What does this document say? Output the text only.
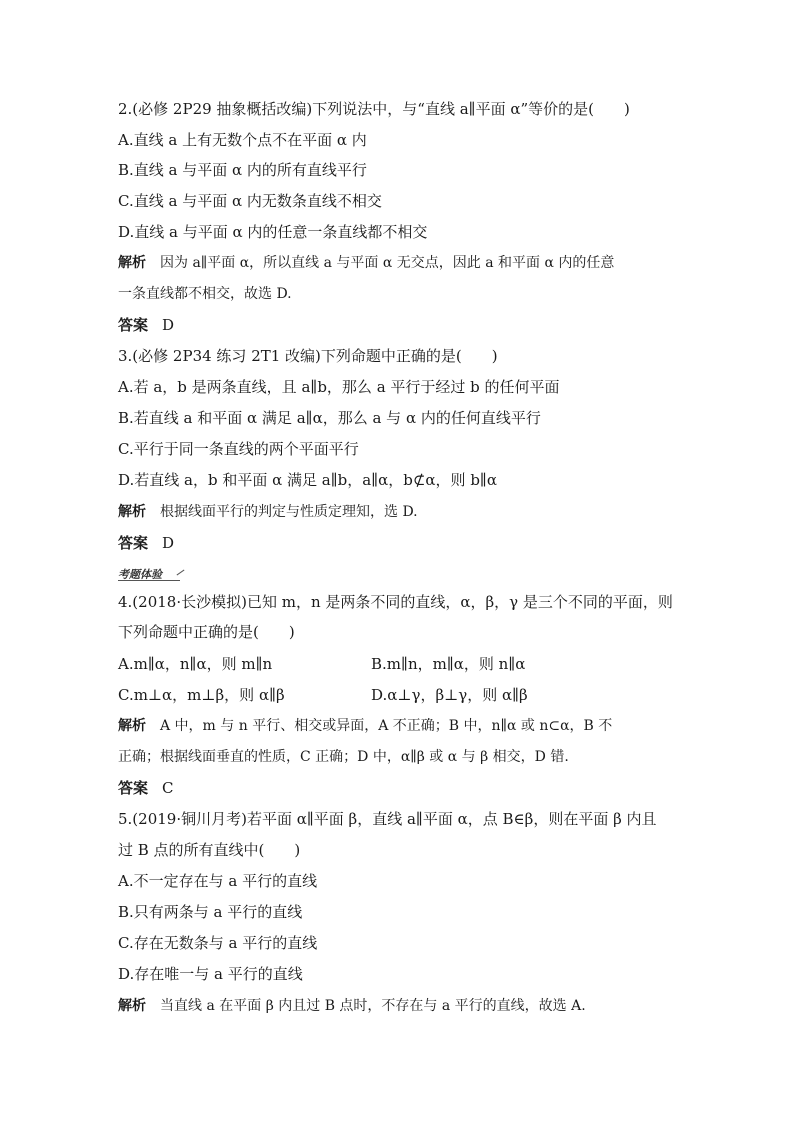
2.(必修 2P29 抽象概括改编)下列说法中，与“直线 a∥平面 α”等价的是(　　)
A.直线 a 上有无数个点不在平面 α 内
B.直线 a 与平面 α 内的所有直线平行
C.直线 a 与平面 α 内无数条直线不相交
D.直线 a 与平面 α 内的任意一条直线都不相交
解析 因为 a∥平面 α，所以直线 a 与平面 α 无交点，因此 a 和平面 α 内的任意
一条直线都不相交，故选 D.
答案 D
3.(必修 2P34 练习 2T1 改编)下列命题中正确的是(　　)
A.若 a，b 是两条直线，且 a∥b，那么 a 平行于经过 b 的任何平面
B.若直线 a 和平面 α 满足 a∥α，那么 a 与 α 内的任何直线平行
C.平行于同一条直线的两个平面平行
D.若直线 a，b 和平面 α 满足 a∥b，a∥α，b⊄α，则 b∥α
解析 根据线面平行的判定与性质定理知，选 D.
答案 D
考题体验
4.(2018·长沙模拟)已知 m，n 是两条不同的直线，α，β，γ 是三个不同的平面，则
下列命题中正确的是(　　)
A.m∥α，n∥α，则 m∥n	B.m∥n，m∥α，则 n∥α
C.m⊥α，m⊥β，则 α∥β	D.α⊥γ，β⊥γ，则 α∥β
解析 A 中，m 与 n 平行、相交或异面，A 不正确；B 中，n∥α 或 n⊂α，B 不
正确；根据线面垂直的性质，C 正确；D 中，α∥β 或 α 与 β 相交，D 错.
答案 C
5.(2019·铜川月考)若平面 α∥平面 β，直线 a∥平面 α，点 B∈β，则在平面 β 内且
过 B 点的所有直线中(　　)
A.不一定存在与 a 平行的直线
B.只有两条与 a 平行的直线
C.存在无数条与 a 平行的直线
D.存在唯一与 a 平行的直线
解析 当直线 a 在平面 β 内且过 B 点时，不存在与 a 平行的直线，故选 A.
